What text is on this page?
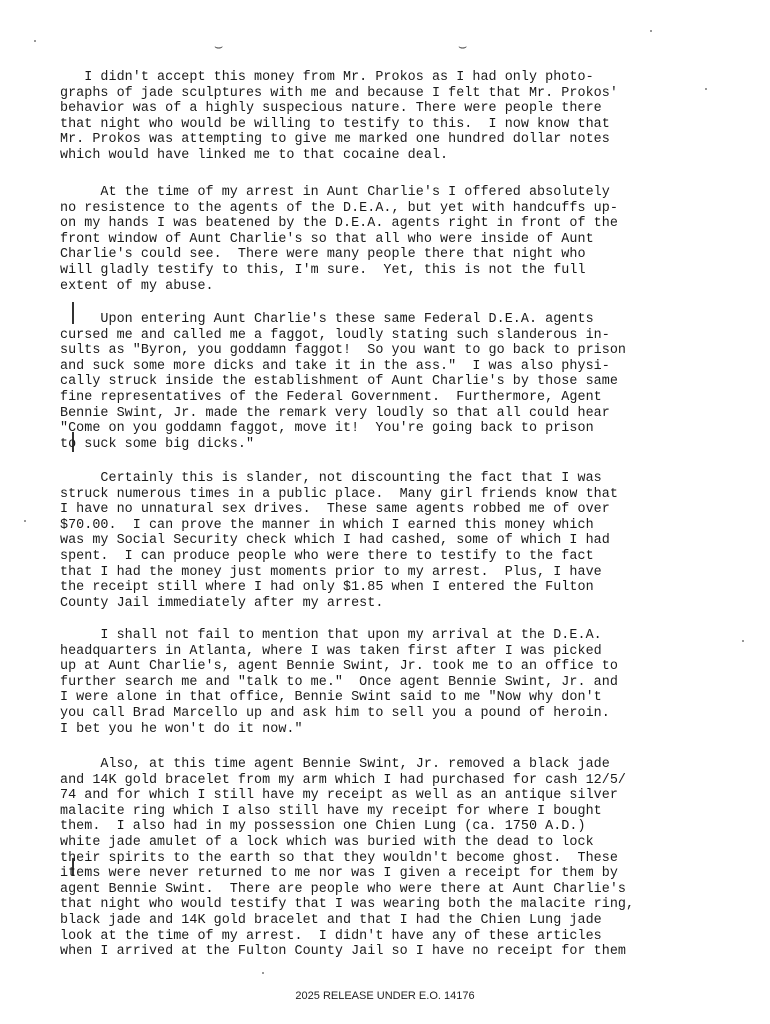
⌣	⌣
I didn't accept this money from Mr. Prokos as I had only photo-
graphs of jade sculptures with me and because I felt that Mr. Prokos'
behavior was of a highly suspecious nature. There were people there
that night who would be willing to testify to this.  I now know that
Mr. Prokos was attempting to give me marked one hundred dollar notes
which would have linked me to that cocaine deal.
At the time of my arrest in Aunt Charlie's I offered absolutely
no resistence to the agents of the D.E.A., but yet with handcuffs up-
on my hands I was beatened by the D.E.A. agents right in front of the
front window of Aunt Charlie's so that all who were inside of Aunt
Charlie's could see.  There were many people there that night who
will gladly testify to this, I'm sure.  Yet, this is not the full
extent of my abuse.
Upon entering Aunt Charlie's these same Federal D.E.A. agents
cursed me and called me a faggot, loudly stating such slanderous in-
sults as "Byron, you goddamn faggot!  So you want to go back to prison
and suck some more dicks and take it in the ass."  I was also physi-
cally struck inside the establishment of Aunt Charlie's by those same
fine representatives of the Federal Government.  Furthermore, Agent
Bennie Swint, Jr. made the remark very loudly so that all could hear
"Come on you goddamn faggot, move it!  You're going back to prison
to suck some big dicks."
Certainly this is slander, not discounting the fact that I was
struck numerous times in a public place.  Many girl friends know that
I have no unnatural sex drives.  These same agents robbed me of over
$70.00.  I can prove the manner in which I earned this money which
was my Social Security check which I had cashed, some of which I had
spent.  I can produce people who were there to testify to the fact
that I had the money just moments prior to my arrest.  Plus, I have
the receipt still where I had only $1.85 when I entered the Fulton
County Jail immediately after my arrest.
I shall not fail to mention that upon my arrival at the D.E.A.
headquarters in Atlanta, where I was taken first after I was picked
up at Aunt Charlie's, agent Bennie Swint, Jr. took me to an office to
further search me and "talk to me."  Once agent Bennie Swint, Jr. and
I were alone in that office, Bennie Swint said to me "Now why don't
you call Brad Marcello up and ask him to sell you a pound of heroin.
I bet you he won't do it now."
Also, at this time agent Bennie Swint, Jr. removed a black jade
and 14K gold bracelet from my arm which I had purchased for cash 12/5/
74 and for which I still have my receipt as well as an antique silver
malacite ring which I also still have my receipt for where I bought
them.  I also had in my possession one Chien Lung (ca. 1750 A.D.)
white jade amulet of a lock which was buried with the dead to lock
their spirits to the earth so that they wouldn't become ghost.  These
items were never returned to me nor was I given a receipt for them by
agent Bennie Swint.  There are people who were there at Aunt Charlie's
that night who would testify that I was wearing both the malacite ring,
black jade and 14K gold bracelet and that I had the Chien Lung jade
look at the time of my arrest.  I didn't have any of these articles
when I arrived at the Fulton County Jail so I have no receipt for them
2025 RELEASE UNDER E.O. 14176
